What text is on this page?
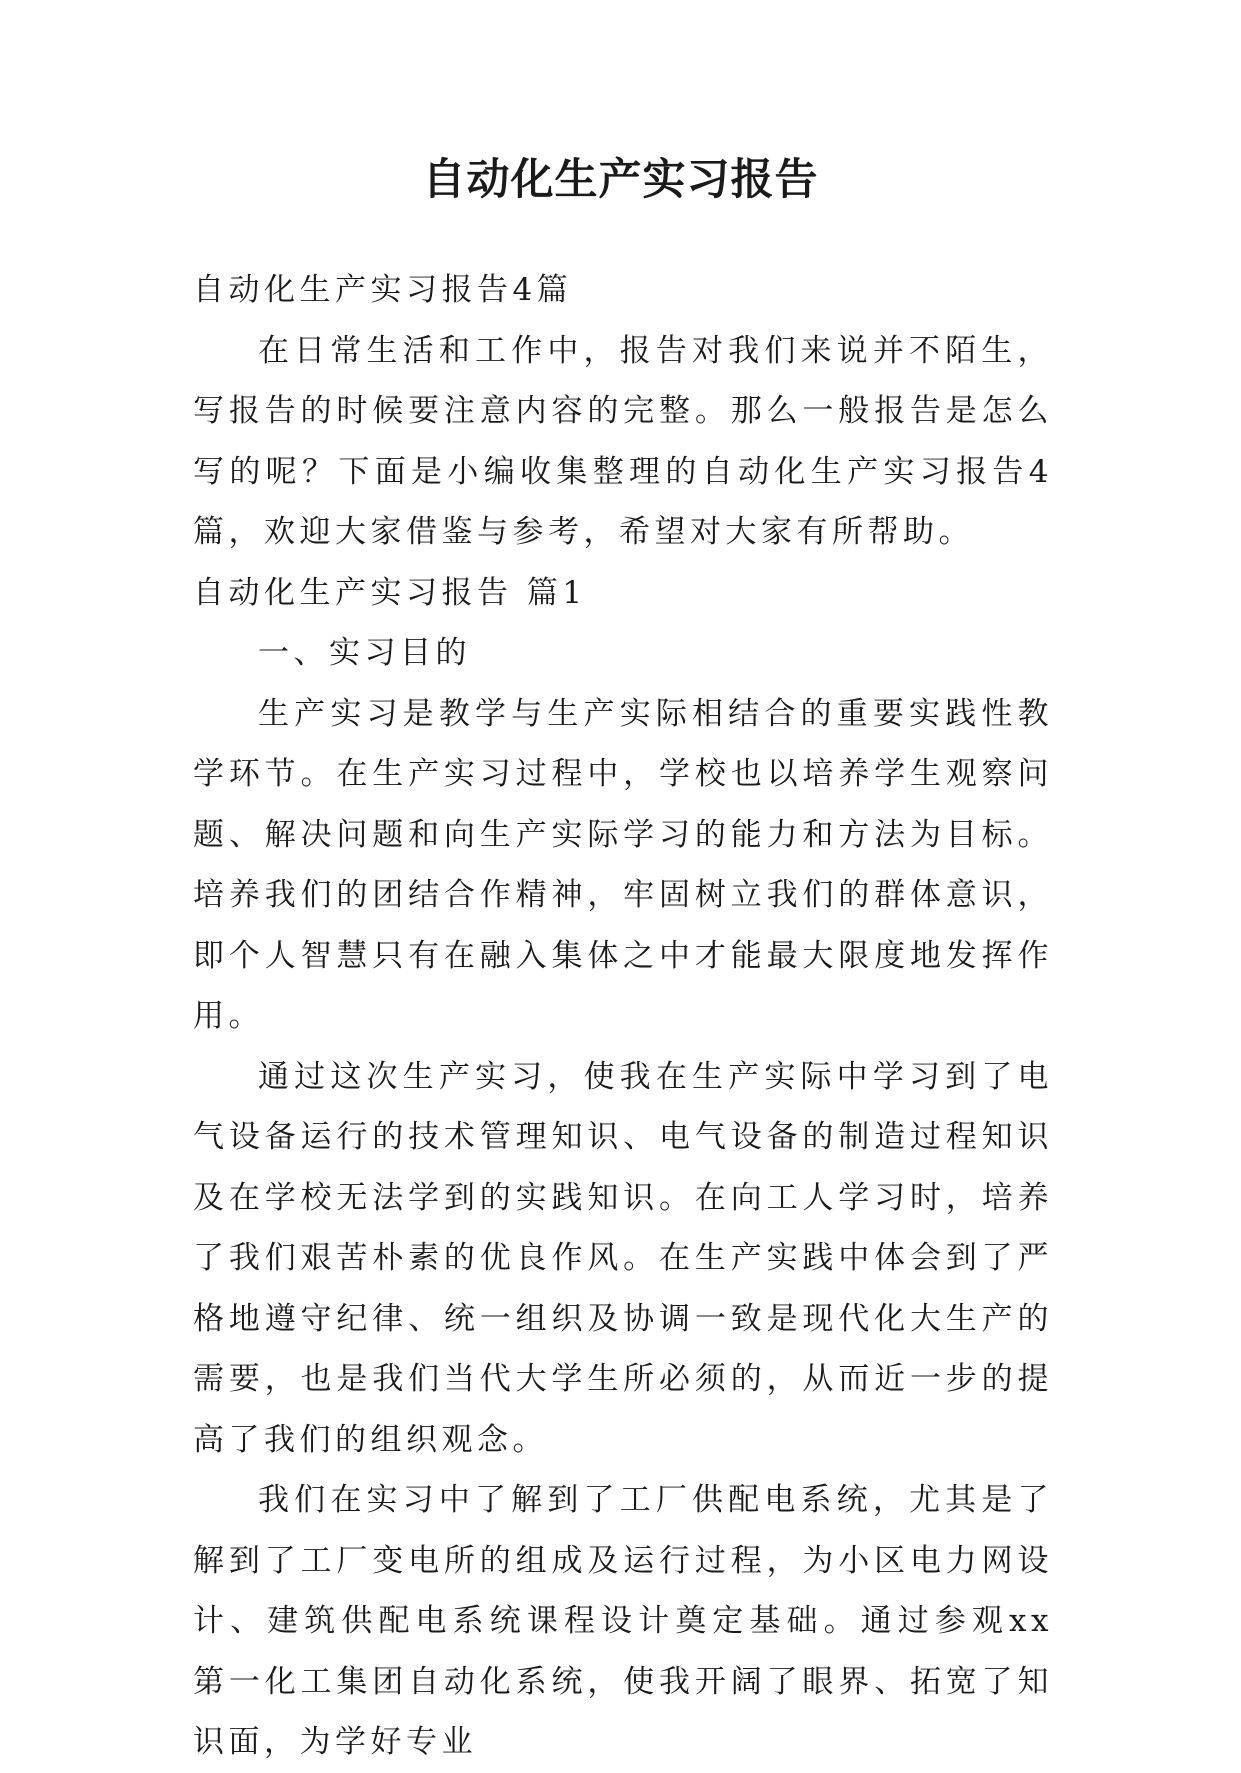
自动化生产实习报告

自动化生产实习报告4篇

在日常生活和工作中，报告对我们来说并不陌生，写报告的时候要注意内容的完整。那么一般报告是怎么写的呢？下面是小编收集整理的自动化生产实习报告4篇，欢迎大家借鉴与参考，希望对大家有所帮助。

自动化生产实习报告 篇1

一、实习目的

生产实习是教学与生产实际相结合的重要实践性教学环节。在生产实习过程中，学校也以培养学生观察问题、解决问题和向生产实际学习的能力和方法为目标。培养我们的团结合作精神，牢固树立我们的群体意识，即个人智慧只有在融入集体之中才能最大限度地发挥作用。

通过这次生产实习，使我在生产实际中学习到了电气设备运行的技术管理知识、电气设备的制造过程知识及在学校无法学到的实践知识。在向工人学习时，培养了我们艰苦朴素的优良作风。在生产实践中体会到了严格地遵守纪律、统一组织及协调一致是现代化大生产的需要，也是我们当代大学生所必须的，从而近一步的提高了我们的组织观念。

我们在实习中了解到了工厂供配电系统，尤其是了解到了工厂变电所的组成及运行过程，为小区电力网设计、建筑供配电系统课程设计奠定基础。通过参观xx第一化工集团自动化系统，使我开阔了眼界、拓宽了知识面，为学好专业
